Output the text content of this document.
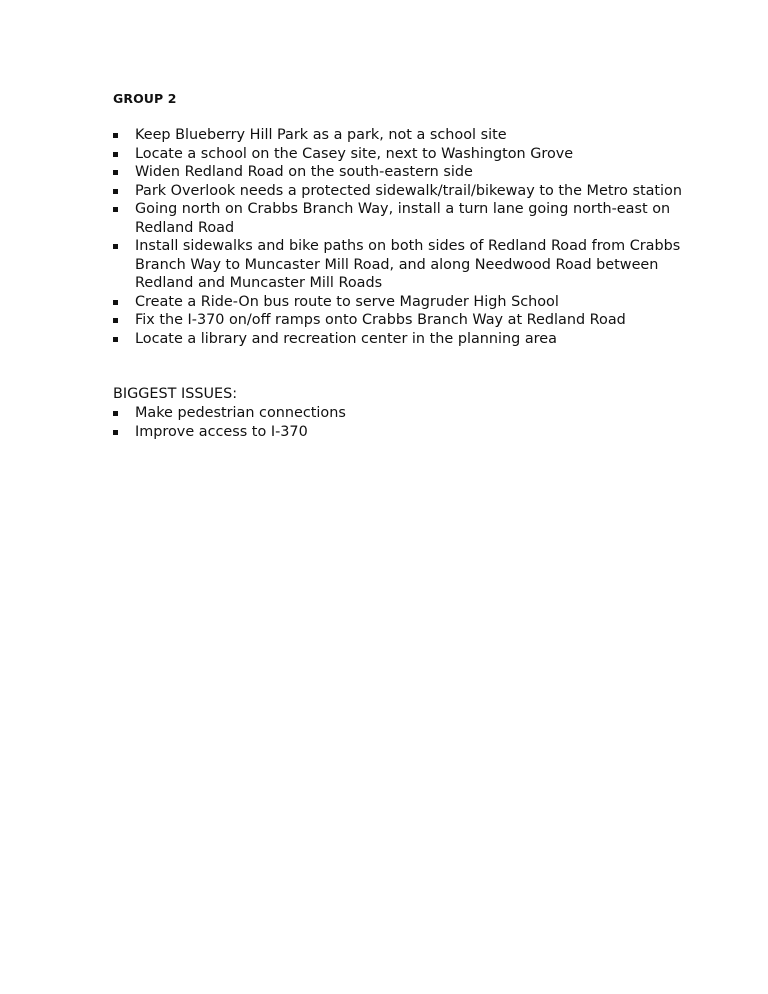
GROUP 2
Keep Blueberry Hill Park as a park, not a school site
Locate a school on the Casey site, next to Washington Grove
Widen Redland Road on the south-eastern side
Park Overlook needs a protected sidewalk/trail/bikeway to the Metro station
Going north on Crabbs Branch Way, install a turn lane going north-east on Redland Road
Install sidewalks and bike paths on both sides of Redland Road from Crabbs Branch Way to Muncaster Mill Road, and along Needwood Road between Redland and Muncaster Mill Roads
Create a Ride-On bus route to serve Magruder High School
Fix the I-370 on/off ramps onto Crabbs Branch Way at Redland Road
Locate a library and recreation center in the planning area

BIGGEST ISSUES:

Make pedestrian connections
Improve access to I-370
